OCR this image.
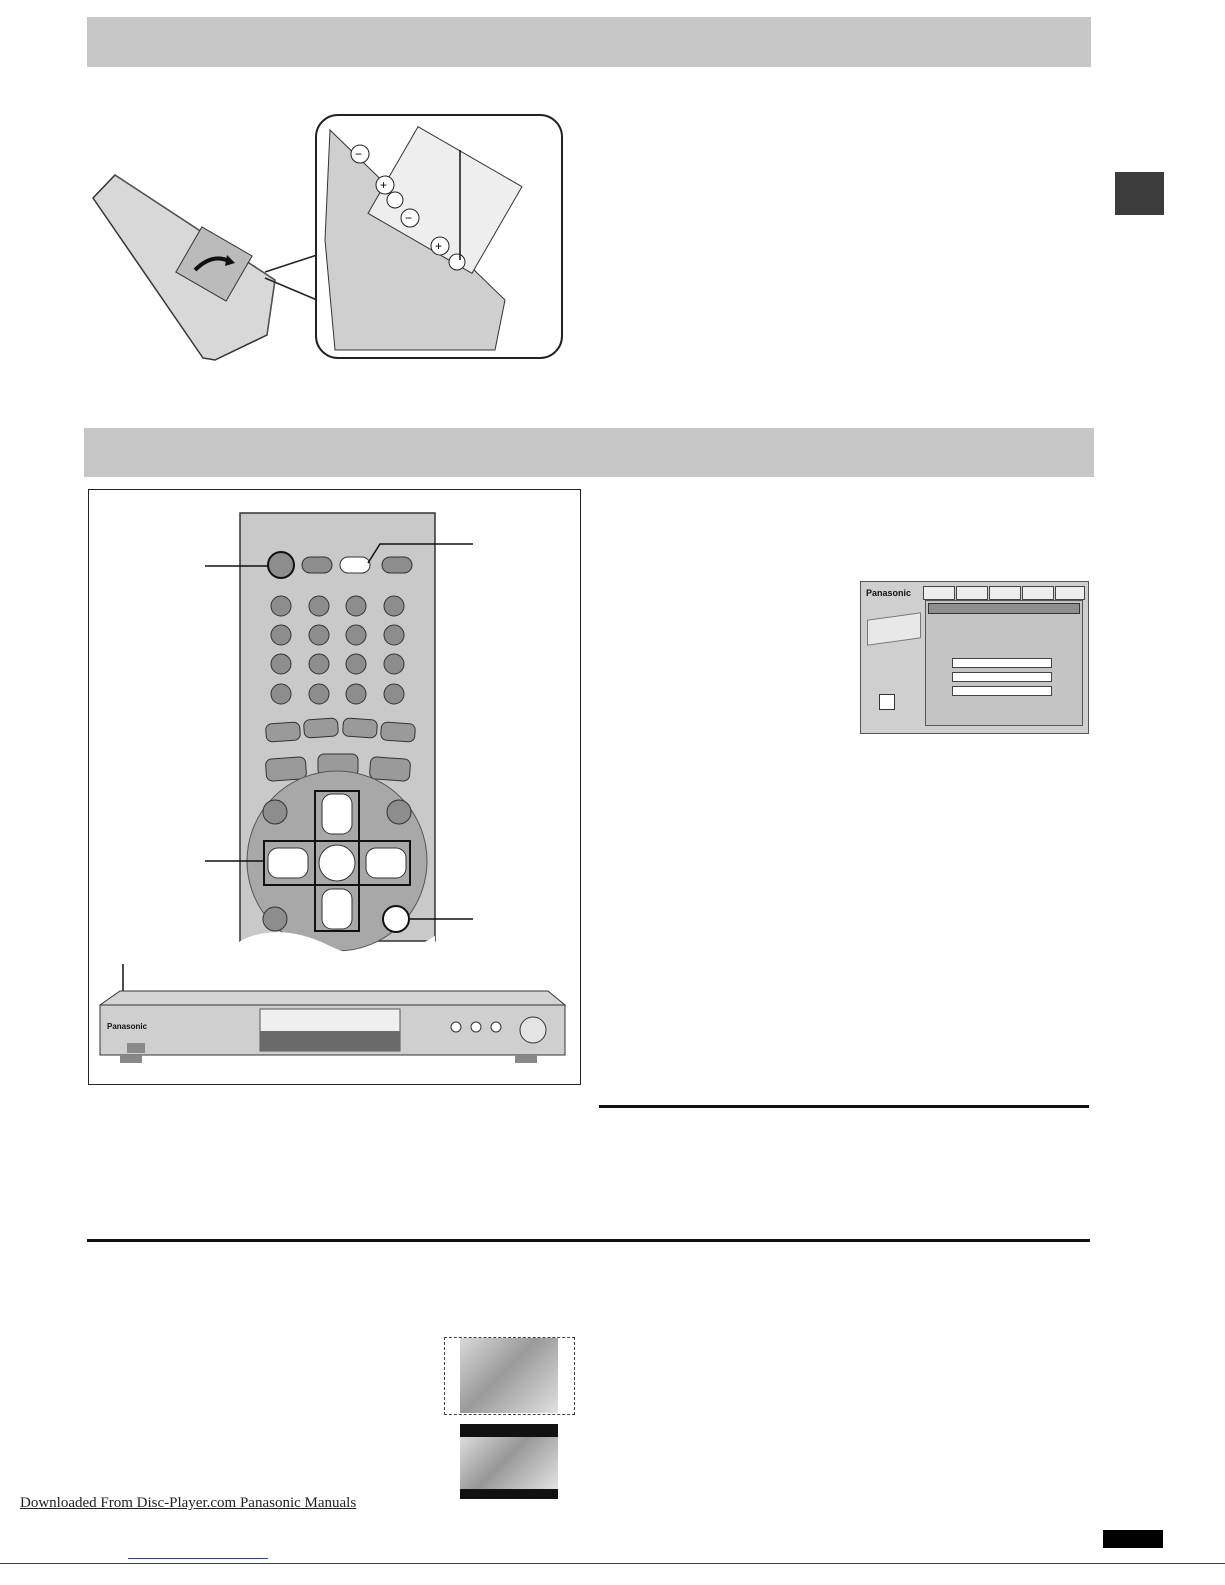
−
+
−
+
Panasonic
Panasonic
Downloaded From Disc-Player.com Panasonic Manuals
